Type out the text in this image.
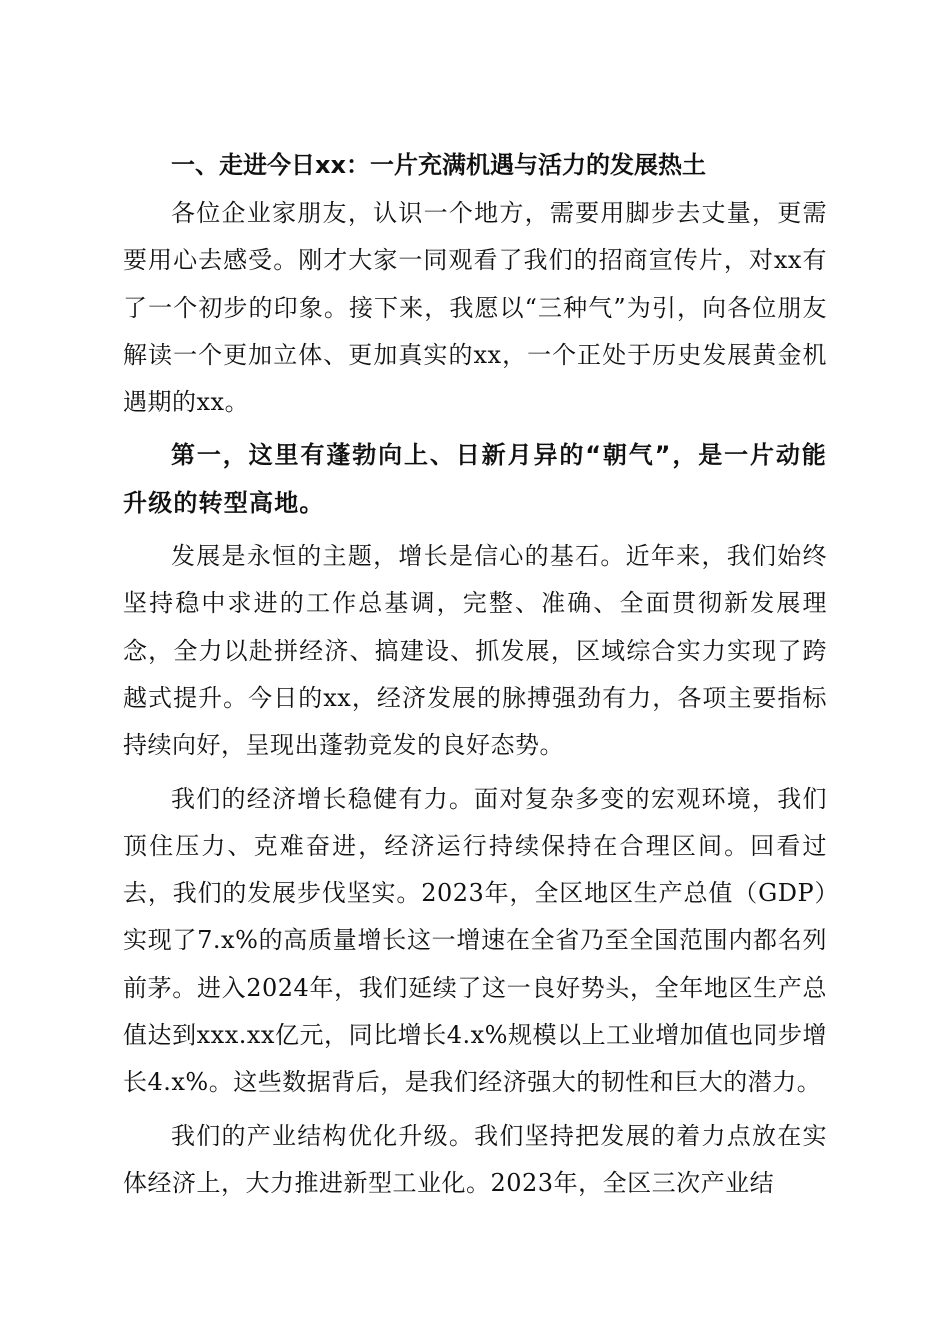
一、走进今日xx：一片充满机遇与活力的发展热土

各位企业家朋友，认识一个地方，需要用脚步去丈量，更需要用心去感受。刚才大家一同观看了我们的招商宣传片，对xx有了一个初步的印象。接下来，我愿以“三种气”为引，向各位朋友解读一个更加立体、更加真实的xx，一个正处于历史发展黄金机遇期的xx。

第一，这里有蓬勃向上、日新月异的“朝气”，是一片动能升级的转型高地。

发展是永恒的主题，增长是信心的基石。近年来，我们始终坚持稳中求进的工作总基调，完整、准确、全面贯彻新发展理念，全力以赴拼经济、搞建设、抓发展，区域综合实力实现了跨越式提升。今日的xx，经济发展的脉搏强劲有力，各项主要指标持续向好，呈现出蓬勃竞发的良好态势。

我们的经济增长稳健有力。面对复杂多变的宏观环境，我们顶住压力、克难奋进，经济运行持续保持在合理区间。回看过去，我们的发展步伐坚实。2023年，全区地区生产总值（GDP）实现了7.x%的高质量增长这一增速在全省乃至全国范围内都名列前茅。进入2024年，我们延续了这一良好势头，全年地区生产总值达到xxx.xx亿元，同比增长4.x%规模以上工业增加值也同步增长4.x%。这些数据背后，是我们经济强大的韧性和巨大的潜力。

我们的产业结构优化升级。我们坚持把发展的着力点放在实体经济上，大力推进新型工业化。2023年，全区三次产业结
